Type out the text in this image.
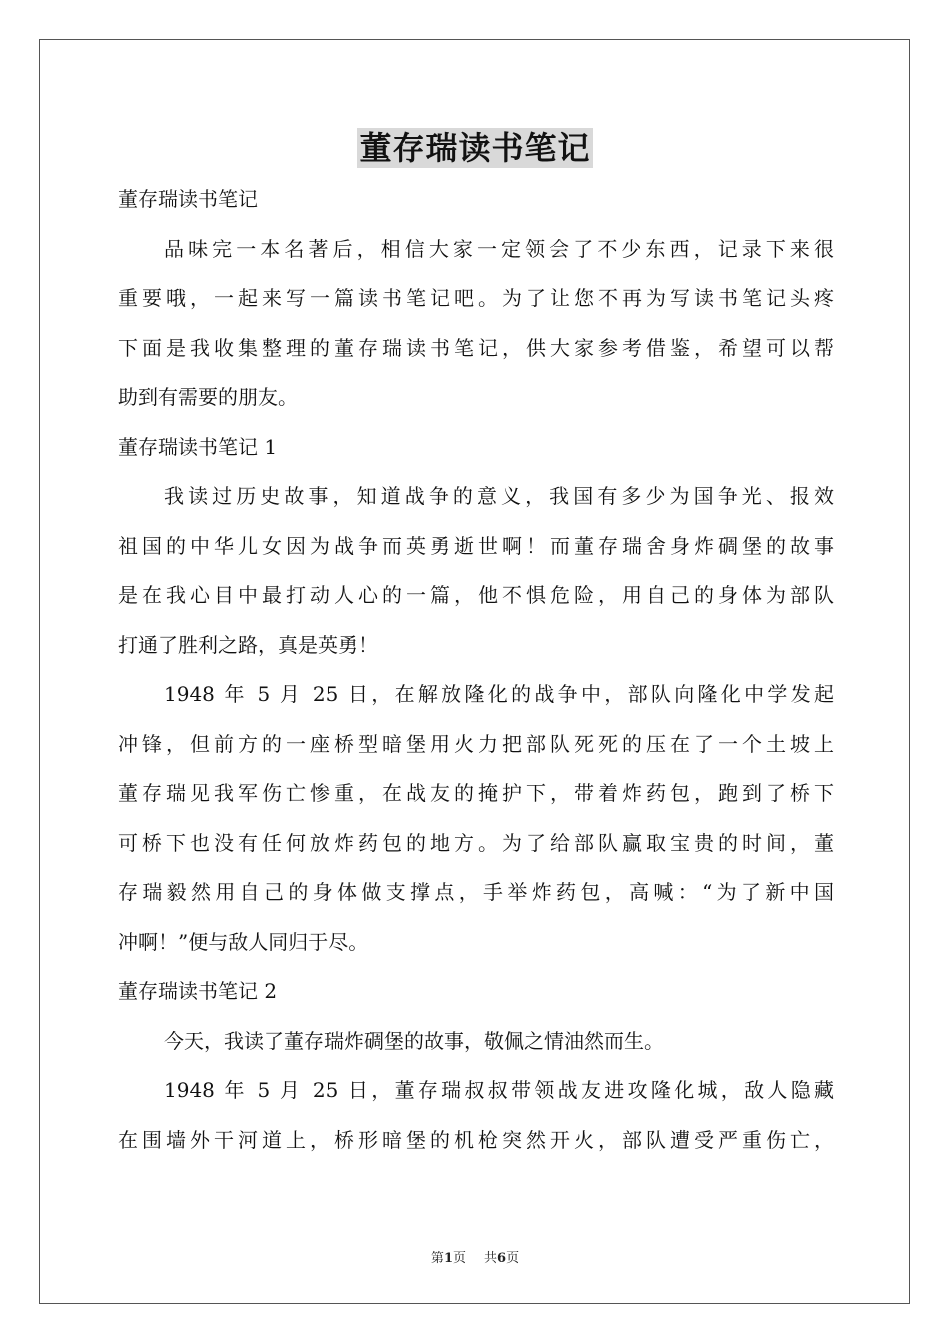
董存瑞读书笔记
董存瑞读书笔记
品味完一本名著后，相信大家一定领会了不少东西，记录下来很
重要哦，一起来写一篇读书笔记吧。为了让您不再为写读书笔记头疼
下面是我收集整理的董存瑞读书笔记，供大家参考借鉴，希望可以帮
助到有需要的朋友。
董存瑞读书笔记 1
我读过历史故事，知道战争的意义，我国有多少为国争光、报效
祖国的中华儿女因为战争而英勇逝世啊！而董存瑞舍身炸碉堡的故事
是在我心目中最打动人心的一篇，他不惧危险，用自己的身体为部队
打通了胜利之路，真是英勇！
1948 年 5 月 25 日，在解放隆化的战争中，部队向隆化中学发起
冲锋，但前方的一座桥型暗堡用火力把部队死死的压在了一个土坡上
董存瑞见我军伤亡惨重，在战友的掩护下，带着炸药包，跑到了桥下
可桥下也没有任何放炸药包的地方。为了给部队赢取宝贵的时间，董
存瑞毅然用自己的身体做支撑点，手举炸药包，高喊：“为了新中国
冲啊！”便与敌人同归于尽。
董存瑞读书笔记 2
今天，我读了董存瑞炸碉堡的故事，敬佩之情油然而生。
1948 年 5 月 25 日，董存瑞叔叔带领战友进攻隆化城，敌人隐藏
在围墙外干河道上，桥形暗堡的机枪突然开火，部队遭受严重伤亡，
第1页 共6页
